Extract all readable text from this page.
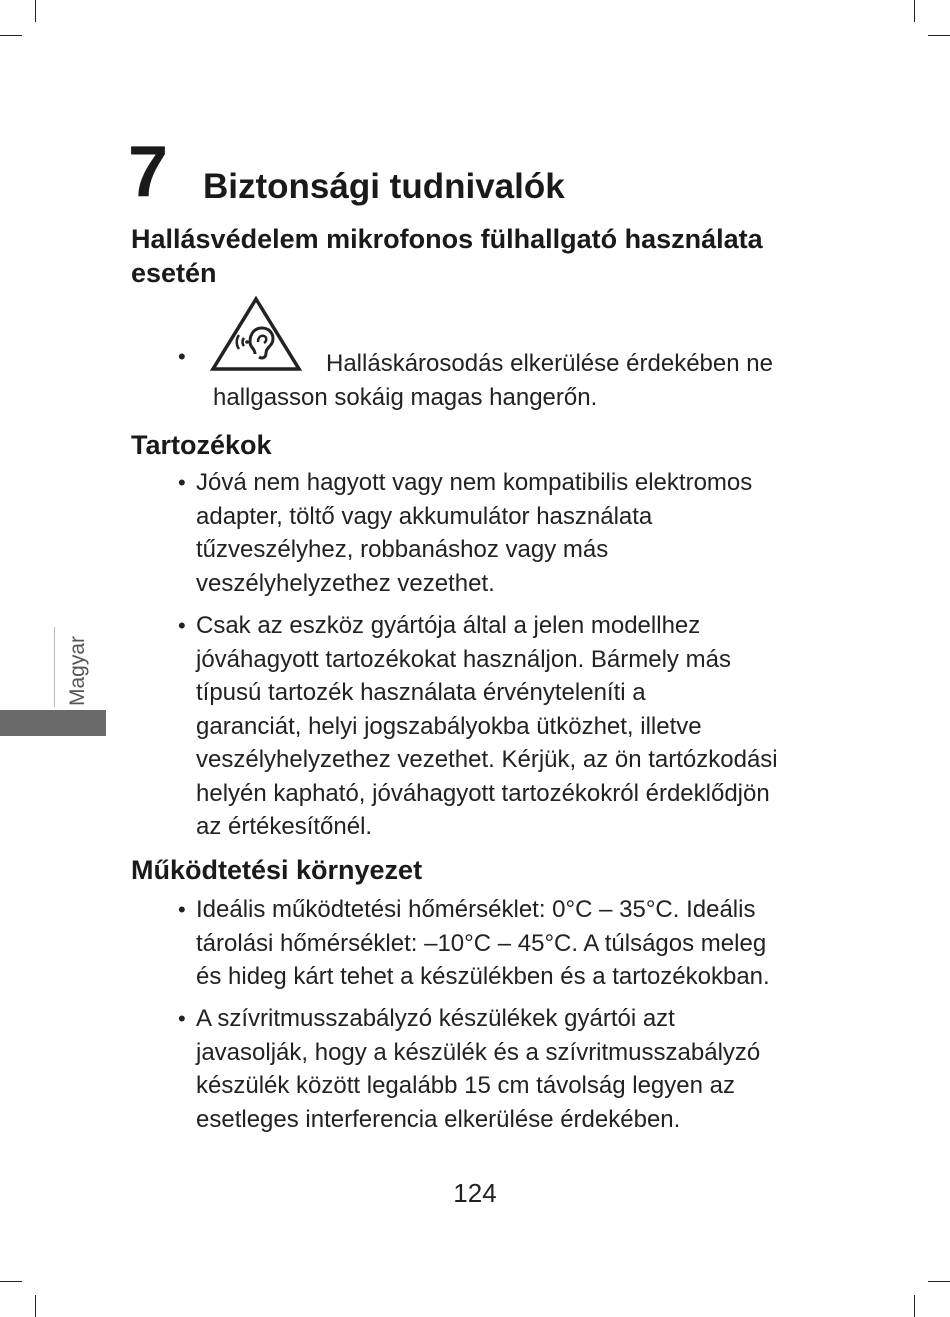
7 Biztonsági tudnivalók
Hallásvédelem mikrofonos fülhallgató használata
esetén
•	Halláskárosodás elkerülése érdekében ne
hallgasson sokáig magas hangerőn.
Tartozékok
• Jóvá nem hagyott vagy nem kompatibilis elektromos
adapter, töltő vagy akkumulátor használata
tűzveszélyhez, robbanáshoz vagy más
veszélyhelyzethez vezethet.
• Csak az eszköz gyártója által a jelen modellhez
jóváhagyott tartozékokat használjon. Bármely más
típusú tartozék használata érvényteleníti a
garanciát, helyi jogszabályokba ütközhet, illetve
veszélyhelyzethez vezethet. Kérjük, az ön tartózkodási
helyén kapható, jóváhagyott tartozékokról érdeklődjön
az értékesítőnél.
Működtetési környezet
• Ideális működtetési hőmérséklet: 0°C – 35°C. Ideális
tárolási hőmérséklet: –10°C – 45°C. A túlságos meleg
és hideg kárt tehet a készülékben és a tartozékokban.
• A szívritmusszabályzó készülékek gyártói azt
javasolják, hogy a készülék és a szívritmusszabályzó
készülék között legalább 15 cm távolság legyen az
esetleges interferencia elkerülése érdekében.
Magyar
124
